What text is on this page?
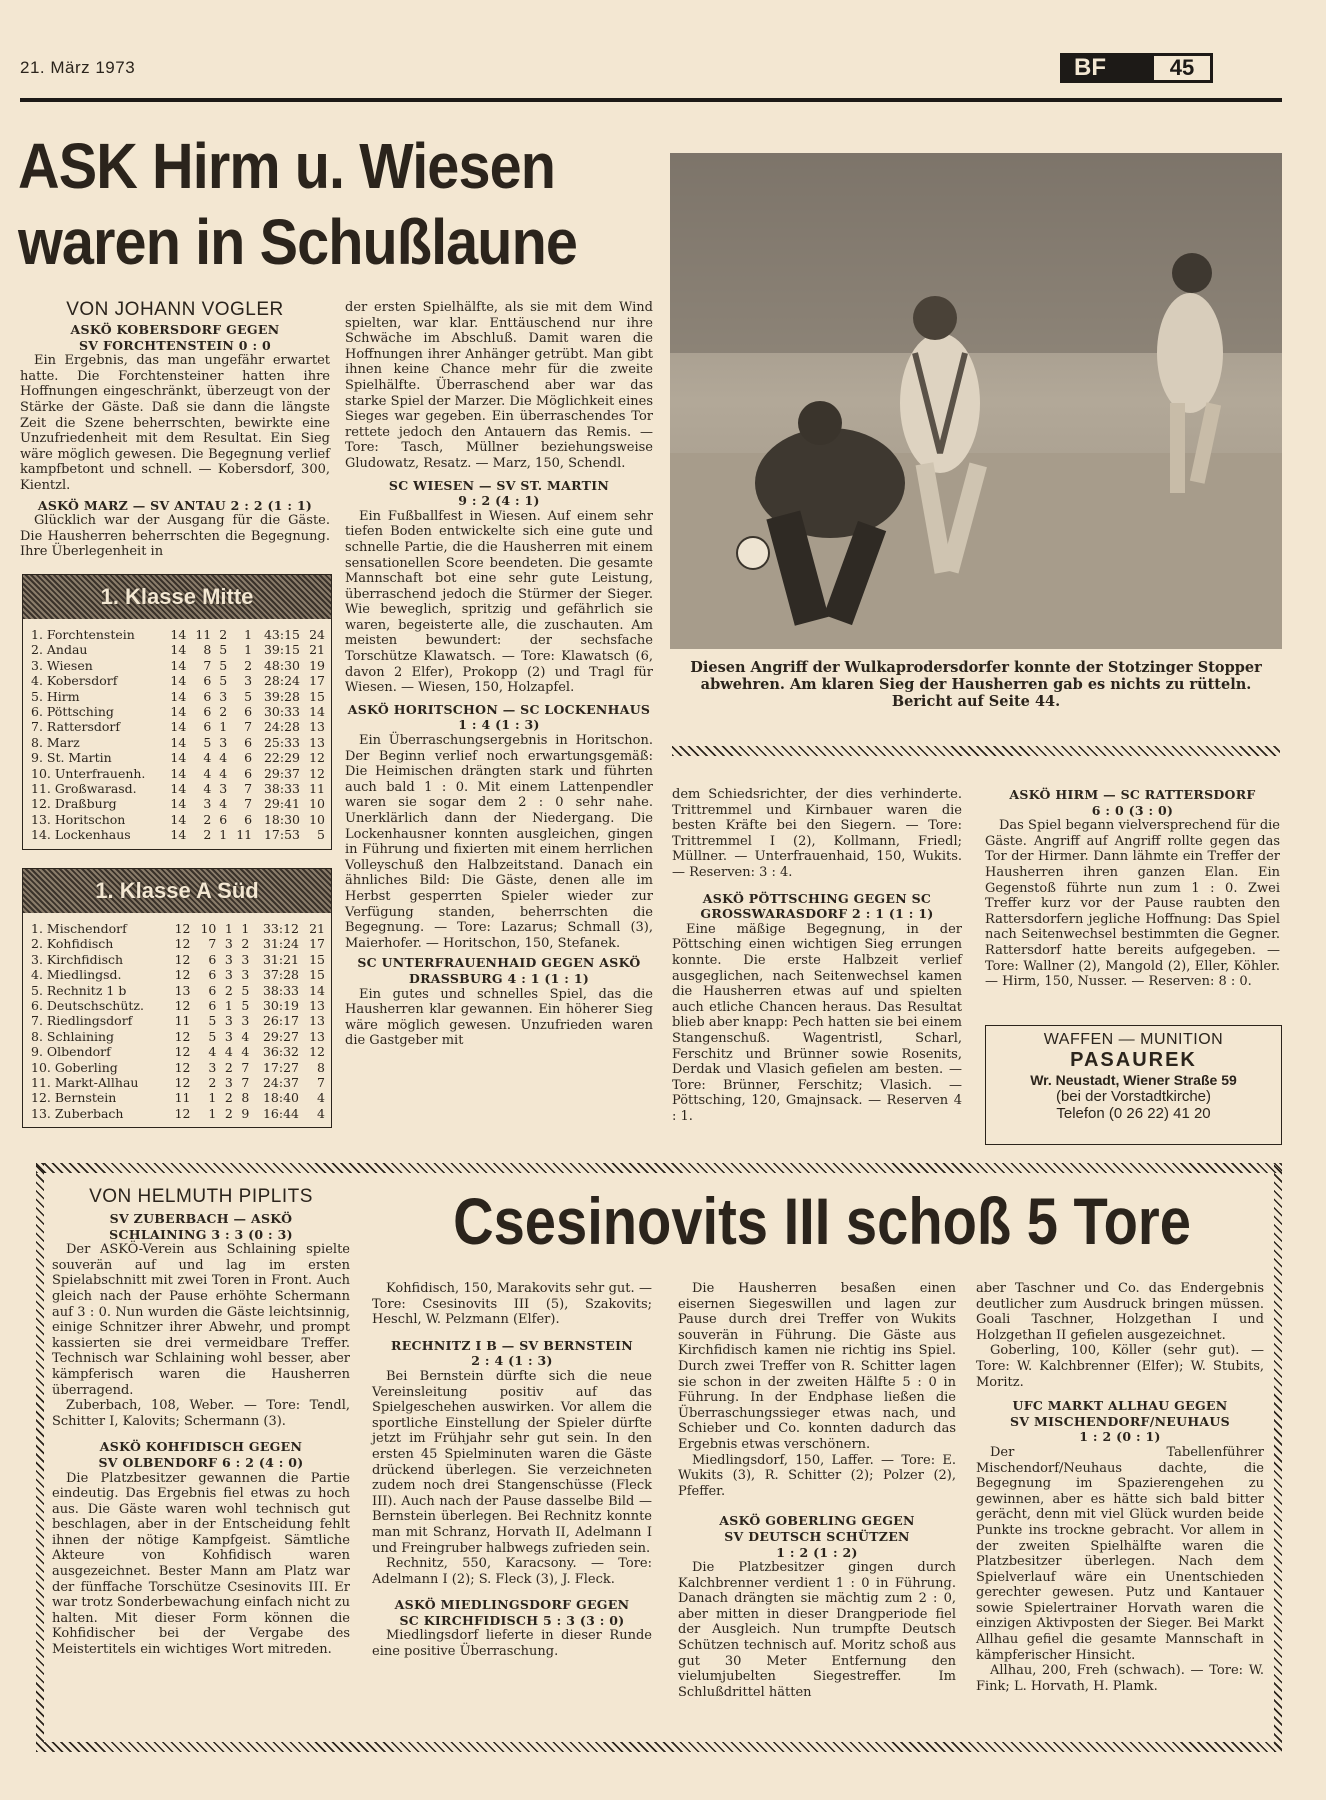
21. März 1973	BF	45
ASK Hirm u. Wiesen
waren in Schußlaune
Diesen Angriff der Wulkaprodersdorfer konnte der Stotzinger Stopper abwehren. Am klaren Sieg der Hausherren gab es nichts zu rütteln. Bericht auf Seite 44.
VON JOHANN VOGLER

ASKÖ KOBERSDORF GEGEN

SV FORCHTENSTEIN 0 : 0

Ein Ergebnis, das man ungefähr erwartet hatte. Die Forchtensteiner hatten ihre Hoffnungen eingeschränkt, überzeugt von der Stärke der Gäste. Daß sie dann die längste Zeit die Szene beherrschten, bewirkte eine Unzufriedenheit mit dem Resultat. Ein Sieg wäre möglich gewesen. Die Begegnung verlief kampfbetont und schnell. — Kobersdorf, 300, Kientzl.

ASKÖ MARZ — SV ANTAU 2 : 2 (1 : 1)

Glücklich war der Ausgang für die Gäste. Die Hausherren beherrschten die Begegnung. Ihre Überlegenheit in

1. Klasse Mitte
1. Forchtenstein	14	11	2	1	43:15	24
2. Andau	14	8	5	1	39:15	21
3. Wiesen	14	7	5	2	48:30	19
4. Kobersdorf	14	6	5	3	28:24	17
5. Hirm	14	6	3	5	39:28	15
6. Pöttsching	14	6	2	6	30:33	14
7. Rattersdorf	14	6	1	7	24:28	13
8. Marz	14	5	3	6	25:33	13
9. St. Martin	14	4	4	6	22:29	12
10. Unterfrauenh.	14	4	4	6	29:37	12
11. Großwarasd.	14	4	3	7	38:33	11
12. Draßburg	14	3	4	7	29:41	10
13. Horitschon	14	2	6	6	18:30	10
14. Lockenhaus	14	2	1	11	17:53	5
1. Klasse A Süd
1. Mischendorf	12	10	1	1	33:12	21
2. Kohfidisch	12	7	3	2	31:24	17
3. Kirchfidisch	12	6	3	3	31:21	15
4. Miedlingsd.	12	6	3	3	37:28	15
5. Rechnitz 1 b	13	6	2	5	38:33	14
6. Deutschschütz.	12	6	1	5	30:19	13
7. Riedlingsdorf	11	5	3	3	26:17	13
8. Schlaining	12	5	3	4	29:27	13
9. Olbendorf	12	4	4	4	36:32	12
10. Goberling	12	3	2	7	17:27	8
11. Markt-Allhau	12	2	3	7	24:37	7
12. Bernstein	11	1	2	8	18:40	4
13. Zuberbach	12	1	2	9	16:44	4

der ersten Spielhälfte, als sie mit dem Wind spielten, war klar. Enttäuschend nur ihre Schwäche im Abschluß. Damit waren die Hoffnungen ihrer Anhänger getrübt. Man gibt ihnen keine Chance mehr für die zweite Spielhälfte. Überraschend aber war das starke Spiel der Marzer. Die Möglichkeit eines Sieges war gegeben. Ein überraschendes Tor rettete jedoch den Antauern das Remis. — Tore: Tasch, Müllner beziehungsweise Gludowatz, Resatz. — Marz, 150, Schendl.

SC WIESEN — SV ST. MARTIN

9 : 2 (4 : 1)

Ein Fußballfest in Wiesen. Auf einem sehr tiefen Boden entwickelte sich eine gute und schnelle Partie, die die Hausherren mit einem sensationellen Score beendeten. Die gesamte Mannschaft bot eine sehr gute Leistung, überraschend jedoch die Stürmer der Sieger. Wie beweglich, spritzig und gefährlich sie waren, begeisterte alle, die zuschauten. Am meisten bewundert: der sechsfache Torschütze Klawatsch. — Tore: Klawatsch (6, davon 2 Elfer), Prokopp (2) und Tragl für Wiesen. — Wiesen, 150, Holzapfel.

ASKÖ HORITSCHON — SC LOCKENHAUS 1 : 4 (1 : 3)

Ein Überraschungsergebnis in Horitschon. Der Beginn verlief noch erwartungsgemäß: Die Heimischen drängten stark und führten auch bald 1 : 0. Mit einem Lattenpendler waren sie sogar dem 2 : 0 sehr nahe. Unerklärlich dann der Niedergang. Die Lockenhausner konnten ausgleichen, gingen in Führung und fixierten mit einem herrlichen Volleyschuß den Halbzeitstand. Danach ein ähnliches Bild: Die Gäste, denen alle im Herbst gesperrten Spieler wieder zur Verfügung standen, beherrschten die Begegnung. — Tore: Lazarus; Schmall (3), Maierhofer. — Horitschon, 150, Stefanek.

SC UNTERFRAUENHAID GEGEN ASKÖ DRASSBURG 4 : 1 (1 : 1)

Ein gutes und schnelles Spiel, das die Hausherren klar gewannen. Ein höherer Sieg wäre möglich gewesen. Unzufrieden waren die Gastgeber mit

dem Schiedsrichter, der dies verhinderte. Trittremmel und Kirnbauer waren die besten Kräfte bei den Siegern. — Tore: Trittremmel I (2), Kollmann, Friedl; Müllner. — Unterfrauenhaid, 150, Wukits. — Reserven: 3 : 4.

ASKÖ PÖTTSCHING GEGEN SC GROSSWARASDORF 2 : 1 (1 : 1)

Eine mäßige Begegnung, in der Pöttsching einen wichtigen Sieg errungen konnte. Die erste Halbzeit verlief ausgeglichen, nach Seitenwechsel kamen die Hausherren etwas auf und spielten auch etliche Chancen heraus. Das Resultat blieb aber knapp: Pech hatten sie bei einem Stangenschuß. Wagentristl, Scharl, Ferschitz und Brünner sowie Rosenits, Derdak und Vlasich gefielen am besten. — Tore: Brünner, Ferschitz; Vlasich. — Pöttsching, 120, Gmajnsack. — Reserven 4 : 1.

ASKÖ HIRM — SC RATTERSDORF

6 : 0 (3 : 0)

Das Spiel begann vielversprechend für die Gäste. Angriff auf Angriff rollte gegen das Tor der Hirmer. Dann lähmte ein Treffer der Hausherren ihren ganzen Elan. Ein Gegenstoß führte nun zum 1 : 0. Zwei Treffer kurz vor der Pause raubten den Rattersdorfern jegliche Hoffnung: Das Spiel nach Seitenwechsel bestimmten die Gegner. Rattersdorf hatte bereits aufgegeben. — Tore: Wallner (2), Mangold (2), Eller, Köhler. — Hirm, 150, Nusser. — Reserven: 8 : 0.

WAFFEN — MUNITION
PASAUREK
Wr. Neustadt, Wiener Straße 59
(bei der Vorstadtkirche)
Telefon (0 26 22) 41 20
Csesinovits III schoß 5 Tore
VON HELMUTH PIPLITS

SV ZUBERBACH — ASKÖ

SCHLAINING 3 : 3 (0 : 3)

Der ASKÖ-Verein aus Schlaining spielte souverän auf und lag im ersten Spielabschnitt mit zwei Toren in Front. Auch gleich nach der Pause erhöhte Schermann auf 3 : 0. Nun wurden die Gäste leichtsinnig, einige Schnitzer ihrer Abwehr, und prompt kassierten sie drei vermeidbare Treffer. Technisch war Schlaining wohl besser, aber kämpferisch waren die Hausherren überragend.

Zuberbach, 108, Weber. — Tore: Tendl, Schitter I, Kalovits; Schermann (3).

ASKÖ KOHFIDISCH GEGEN

SV OLBENDORF 6 : 2 (4 : 0)

Die Platzbesitzer gewannen die Partie eindeutig. Das Ergebnis fiel etwas zu hoch aus. Die Gäste waren wohl technisch gut beschlagen, aber in der Entscheidung fehlt ihnen der nötige Kampfgeist. Sämtliche Akteure von Kohfidisch waren ausgezeichnet. Bester Mann am Platz war der fünffache Torschütze Csesinovits III. Er war trotz Sonderbewachung einfach nicht zu halten. Mit dieser Form können die Kohfidischer bei der Vergabe des Meistertitels ein wichtiges Wort mitreden.

Kohfidisch, 150, Marakovits sehr gut. — Tore: Csesinovits III (5), Szakovits; Heschl, W. Pelzmann (Elfer).

RECHNITZ I B — SV BERNSTEIN

2 : 4 (1 : 3)

Bei Bernstein dürfte sich die neue Vereinsleitung positiv auf das Spielgeschehen auswirken. Vor allem die sportliche Einstellung der Spieler dürfte jetzt im Frühjahr sehr gut sein. In den ersten 45 Spielminuten waren die Gäste drückend überlegen. Sie verzeichneten zudem noch drei Stangenschüsse (Fleck III). Auch nach der Pause dasselbe Bild — Bernstein überlegen. Bei Rechnitz konnte man mit Schranz, Horvath II, Adelmann I und Freingruber halbwegs zufrieden sein.

Rechnitz, 550, Karacsony. — Tore: Adelmann I (2); S. Fleck (3), J. Fleck.

ASKÖ MIEDLINGSDORF GEGEN

SC KIRCHFIDISCH 5 : 3 (3 : 0)

Miedlingsdorf lieferte in dieser Runde eine positive Überraschung.

Die Hausherren besaßen einen eisernen Siegeswillen und lagen zur Pause durch drei Treffer von Wukits souverän in Führung. Die Gäste aus Kirchfidisch kamen nie richtig ins Spiel. Durch zwei Treffer von R. Schitter lagen sie schon in der zweiten Hälfte 5 : 0 in Führung. In der Endphase ließen die Überraschungssieger etwas nach, und Schieber und Co. konnten dadurch das Ergebnis etwas verschönern.

Miedlingsdorf, 150, Laffer. — Tore: E. Wukits (3), R. Schitter (2); Polzer (2), Pfeffer.

ASKÖ GOBERLING GEGEN

SV DEUTSCH SCHÜTZEN

1 : 2 (1 : 2)

Die Platzbesitzer gingen durch Kalchbrenner verdient 1 : 0 in Führung. Danach drängten sie mächtig zum 2 : 0, aber mitten in dieser Drangperiode fiel der Ausgleich. Nun trumpfte Deutsch Schützen technisch auf. Moritz schoß aus gut 30 Meter Entfernung den vielumjubelten Siegestreffer. Im Schlußdrittel hätten

aber Taschner und Co. das Endergebnis deutlicher zum Ausdruck bringen müssen. Goali Taschner, Holzgethan I und Holzgethan II gefielen ausgezeichnet.

Goberling, 100, Köller (sehr gut). — Tore: W. Kalchbrenner (Elfer); W. Stubits, Moritz.

UFC MARKT ALLHAU GEGEN

SV MISCHENDORF/NEUHAUS

1 : 2 (0 : 1)

Der Tabellenführer Mischendorf/Neuhaus dachte, die Begegnung im Spazierengehen zu gewinnen, aber es hätte sich bald bitter gerächt, denn mit viel Glück wurden beide Punkte ins trockne gebracht. Vor allem in der zweiten Spielhälfte waren die Platzbesitzer überlegen. Nach dem Spielverlauf wäre ein Unentschieden gerechter gewesen. Putz und Kantauer sowie Spielertrainer Horvath waren die einzigen Aktivposten der Sieger. Bei Markt Allhau gefiel die gesamte Mannschaft in kämpferischer Hinsicht.

Allhau, 200, Freh (schwach). — Tore: W. Fink; L. Horvath, H. Plamk.
